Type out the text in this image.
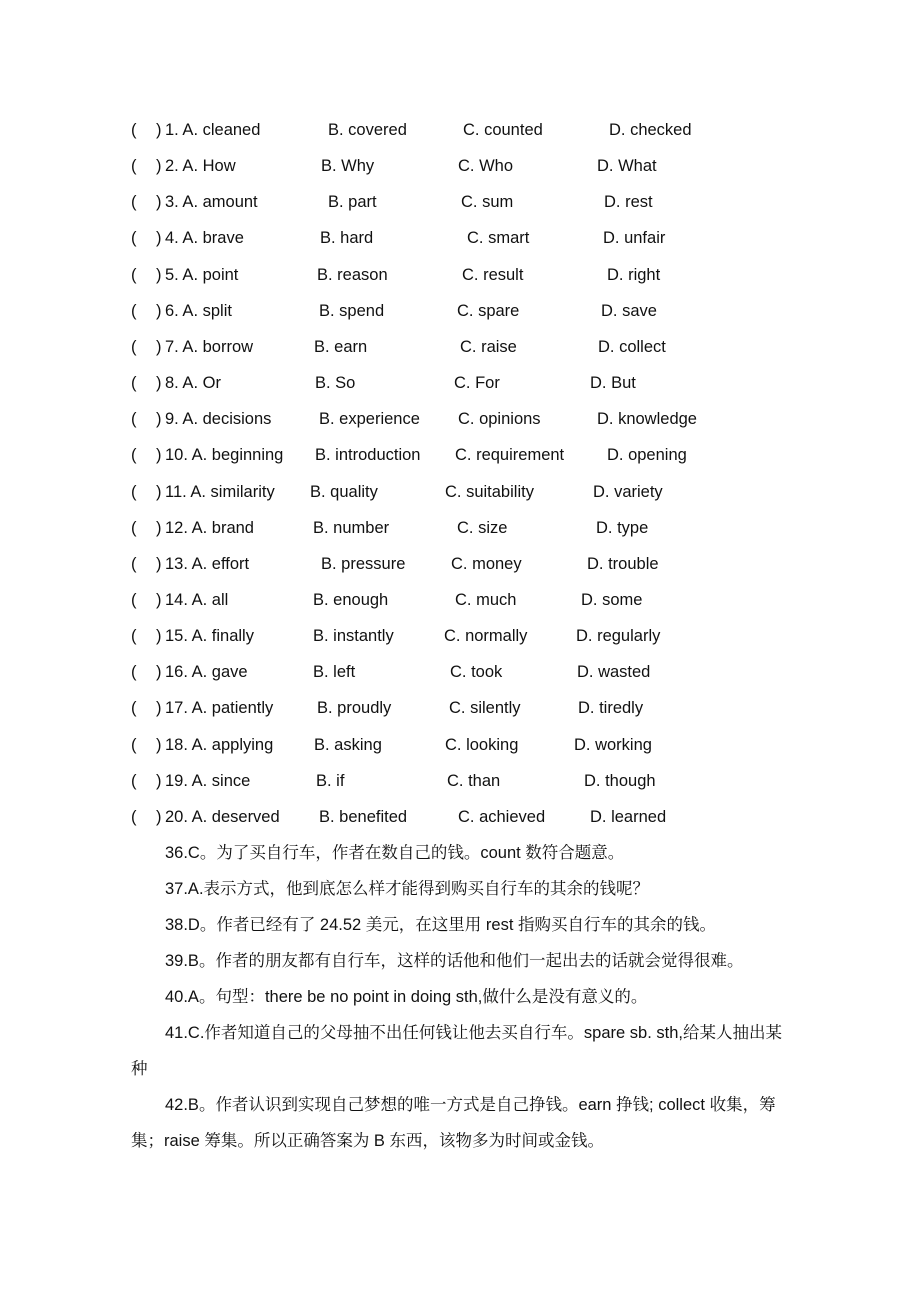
( ) 1. A. cleaned	B. covered	C. counted	D. checked
( ) 2. A. How	B. Why	C. Who	D. What
( ) 3. A. amount	B. part	C. sum	D. rest
( ) 4. A. brave	B. hard	C. smart	D. unfair
( ) 5. A. point	B. reason	C. result	D. right
( ) 6. A. split	B. spend	C. spare	D. save
( ) 7. A. borrow	B. earn	C. raise	D. collect
( ) 8. A. Or	B. So	C. For	D. But
( ) 9. A. decisions	B. experience C. opinions	D. knowledge
( ) 10. A. beginning B. introduction C. requirement	D. opening
( ) 11. A. similarity B. quality	C. suitability	D. variety
( ) 12. A. brand	B. number	C. size	D. type
( ) 13. A. effort	B. pressure	C. money	D. trouble
( ) 14. A. all	B. enough	C. much	D. some
( ) 15. A. finally	B. instantly	C. normally	D. regularly
( ) 16. A. gave	B. left	C. took	D. wasted
( ) 17. A. patiently	B. proudly	C. silently	D. tiredly
( ) 18. A. applying B. asking	C. looking	D. working
( ) 19. A. since	B. if	C. than	D. though
( ) 20. A. deserved B. benefited	C. achieved	D. learned

36.C。为了买自行车，作者在数自己的钱。count 数符合题意。

37.A.表示方式，他到底怎么样才能得到购买自行车的其余的钱呢？

38.D。作者已经有了 24.52 美元，在这里用 rest 指购买自行车的其余的钱。

39.B。作者的朋友都有自行车，这样的话他和他们一起出去的话就会觉得很难。

40.A。句型：there be no point in doing sth,做什么是没有意义的。

41.C.作者知道自己的父母抽不出任何钱让他去买自行车。spare sb. sth,给某人抽出某种

42.B。作者认识到实现自己梦想的唯一方式是自己挣钱。earn 挣钱; collect 收集，筹集；raise 筹集。所以正确答案为 B 东西，该物多为时间或金钱。
